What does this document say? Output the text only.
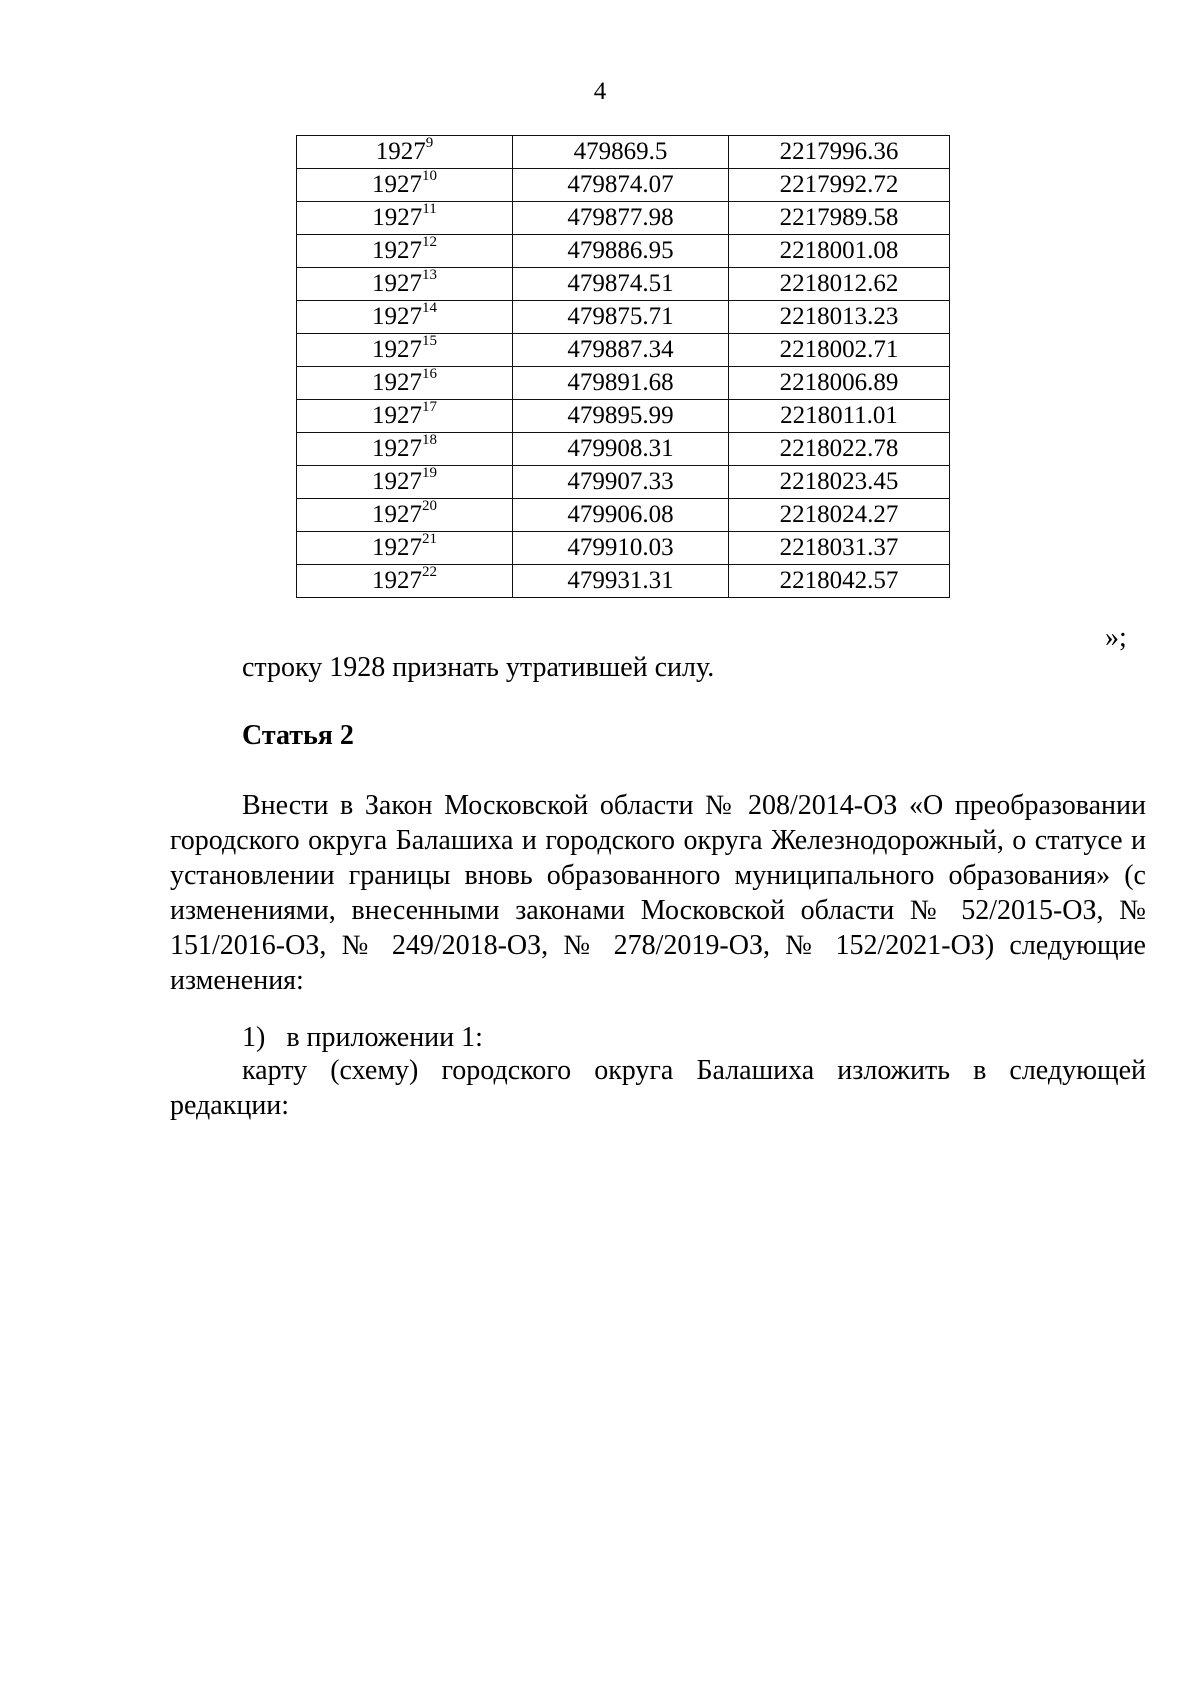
4
1927$^9$	479869.5	2217996.36
1927$^{10}$	479874.07	2217992.72
1927$^{11}$	479877.98	2217989.58
1927$^{12}$	479886.95	2218001.08
1927$^{13}$	479874.51	2218012.62
1927$^{14}$	479875.71	2218013.23
1927$^{15}$	479887.34	2218002.71
1927$^{16}$	479891.68	2218006.89
1927$^{17}$	479895.99	2218011.01
1927$^{18}$	479908.31	2218022.78
1927$^{19}$	479907.33	2218023.45
1927$^{20}$	479906.08	2218024.27
1927$^{21}$	479910.03	2218031.37
1927$^{22}$	479931.31	2218042.57
»;
строку 1928 признать утратившей силу.
Статья 2
Внести в Закон Московской области № 208/2014-ОЗ «О преобразовании городского округа Балашиха и городского округа Железнодорожный, о статусе и установлении границы вновь образованного муниципального образования» (с изменениями, внесенными законами Московской области № 52/2015-ОЗ, № 151/2016-ОЗ, № 249/2018-ОЗ, № 278/2019-ОЗ, № 152/2021-ОЗ) следующие изменения:
1)  в приложении 1:
карту (схему) городского округа Балашиха изложить в следующей редакции:
